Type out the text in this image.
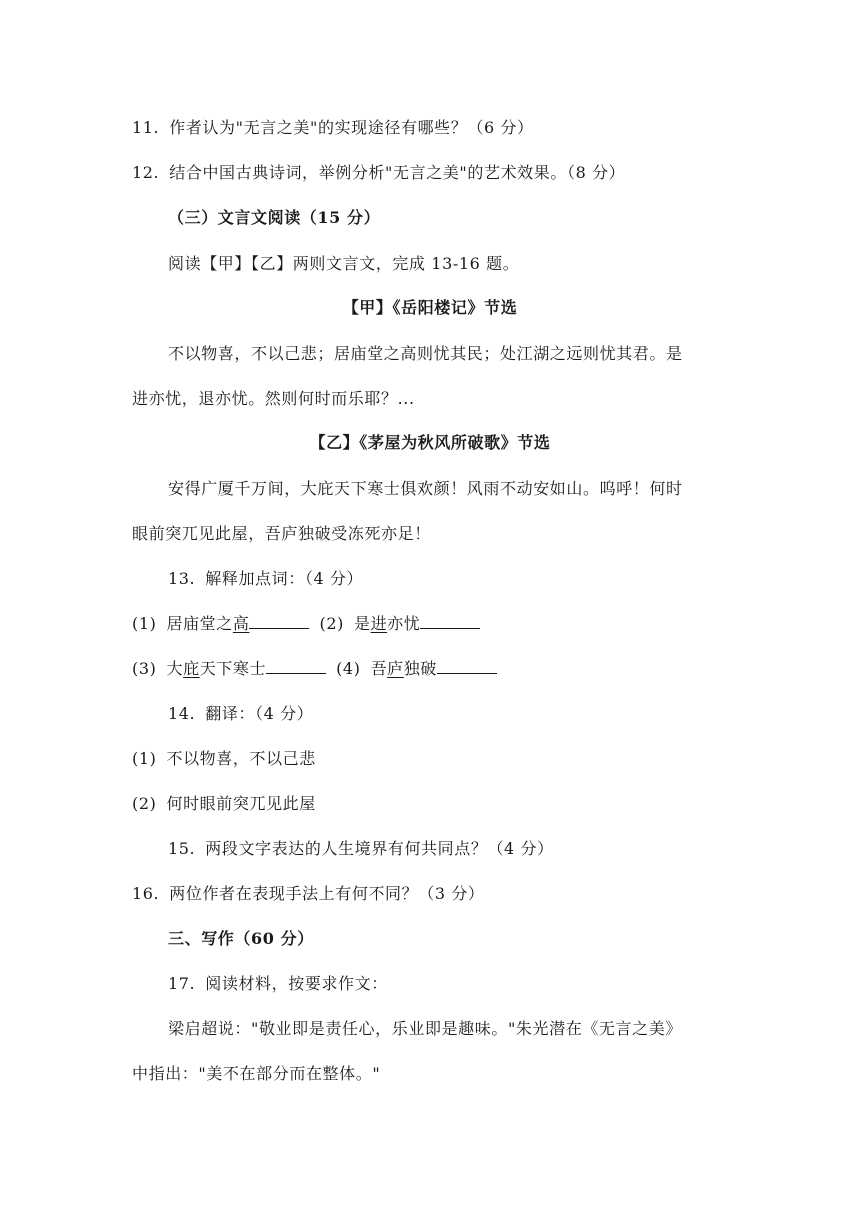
11. 作者认为"无言之美"的实现途径有哪些？（6 分）
12. 结合中国古典诗词，举例分析"无言之美"的艺术效果。（8 分）
（三）文言文阅读（15 分）
阅读【甲】【乙】两则文言文，完成 13-16 题。
【甲】《岳阳楼记》节选
不以物喜，不以己悲；居庙堂之高则忧其民；处江湖之远则忧其君。是
进亦忧，退亦忧。然则何时而乐耶？...
【乙】《茅屋为秋风所破歌》节选
安得广厦千万间，大庇天下寒士俱欢颜！风雨不动安如山。呜呼！何时
眼前突兀见此屋，吾庐独破受冻死亦足！
13. 解释加点词：（4 分）
(1) 居庙堂之高	(2) 是进亦忧
(3) 大庇天下寒士	(4) 吾庐独破
14. 翻译：（4 分）
(1) 不以物喜，不以己悲
(2) 何时眼前突兀见此屋
15. 两段文字表达的人生境界有何共同点？（4 分）
16. 两位作者在表现手法上有何不同？（3 分）
三、写作（60 分）
17. 阅读材料，按要求作文：
梁启超说："敬业即是责任心，乐业即是趣味。"朱光潜在《无言之美》
中指出："美不在部分而在整体。"
